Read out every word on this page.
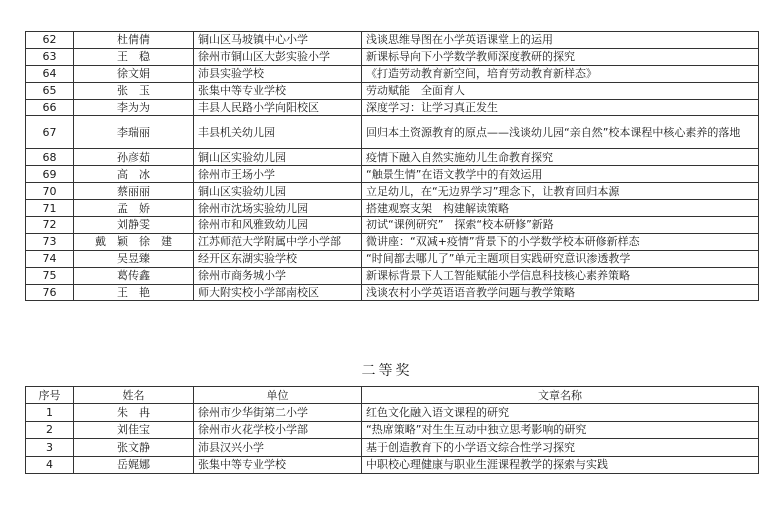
62	杜倩倩	铜山区马坡镇中心小学	浅谈思维导图在小学英语课堂上的运用
63	王　稳	徐州市铜山区大彭实验小学	新课标导向下小学数学教师深度教研的探究
64	徐文娟	沛县实验学校	《打造劳动教育新空间，培育劳动教育新样态》
65	张　玉	张集中等专业学校	劳动赋能　全面育人
66	李为为	丰县人民路小学向阳校区	深度学习：让学习真正发生
67	李瑞丽	丰县机关幼儿园	回归本土资源教育的原点——浅谈幼儿园“亲自然”校本课程中核心素养的落地
68	孙彦茹	铜山区实验幼儿园	疫情下融入自然实施幼儿生命教育探究
69	高　冰	徐州市王场小学	“触景生情”在语文教学中的有效运用
70	蔡丽丽	铜山区实验幼儿园	立足幼儿，在“无边界学习”理念下，让教育回归本源
71	孟　娇	徐州市沈场实验幼儿园	搭建观察支架　构建解读策略
72	刘静雯	徐州市和风雅致幼儿园	初试“课例研究”　探索“校本研修”新路
73	戴　颖　徐　建	江苏师范大学附属中学小学部	微讲座：“双减+疫情”背景下的小学数学校本研修新样态
74	吴昱臻	经开区东湖实验学校	“时间都去哪儿了”单元主题项目实践研究意识渗透教学
75	葛传鑫	徐州市商务城小学	新课标背景下人工智能赋能小学信息科技核心素养策略
76	王　艳	师大附实校小学部南校区	浅谈农村小学英语语音教学问题与教学策略
二等奖
序号	姓名	单位	文章名称
1	朱　冉	徐州市少华街第二小学	红色文化融入语文课程的研究
2	刘佳宝	徐州市火花学校小学部	“热席策略”对生生互动中独立思考影响的研究
3	张文静	沛县汉兴小学	基于创造教育下的小学语文综合性学习探究
4	岳娓娜	张集中等专业学校	中职校心理健康与职业生涯课程教学的探索与实践
